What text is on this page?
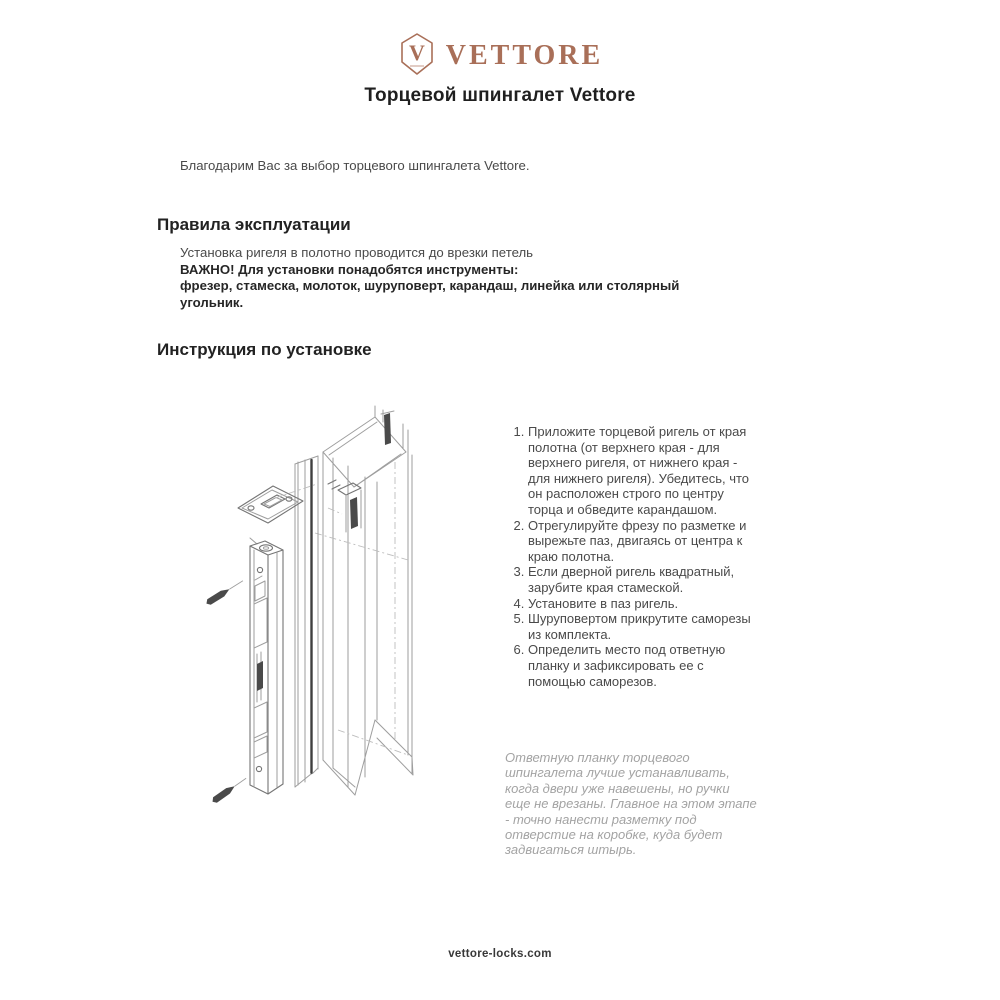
V VETTORE
Торцевой шпингалет Vettore

Благодарим Вас за выбор торцевого шпингалета Vettore.

Правила эксплуатации
Установка ригеля в полотно проводится до врезки петель
ВАЖНО! Для установки понадобятся инструменты:
фрезер, стамеска, молоток, шуруповерт, карандаш, линейка или столярный угольник.
Инструкция по установке
1. Приложите торцевой ригель от края полотна (от верхнего края - для верхнего ригеля, от нижнего края - для нижнего ригеля). Убедитесь, что он расположен строго по центру торца и обведите карандашом.
2. Отрегулируйте фрезу по разметке и вырежьте паз, двигаясь от центра к краю полотна.
3. Если дверной ригель квадратный, зарубите края стамеской.
4. Установите в паз ригель.
5. Шуруповертом прикрутите саморезы из комплекта.
6. Определить место под ответную планку и зафиксировать ее с помощью саморезов.

Ответную планку торцевого шпингалета лучше устанавливать, когда двери уже навешены, но ручки еще не врезаны. Главное на этом этапе - точно нанести разметку под отверстие на коробке, куда будет задвигаться штырь.

vettore-locks.com
